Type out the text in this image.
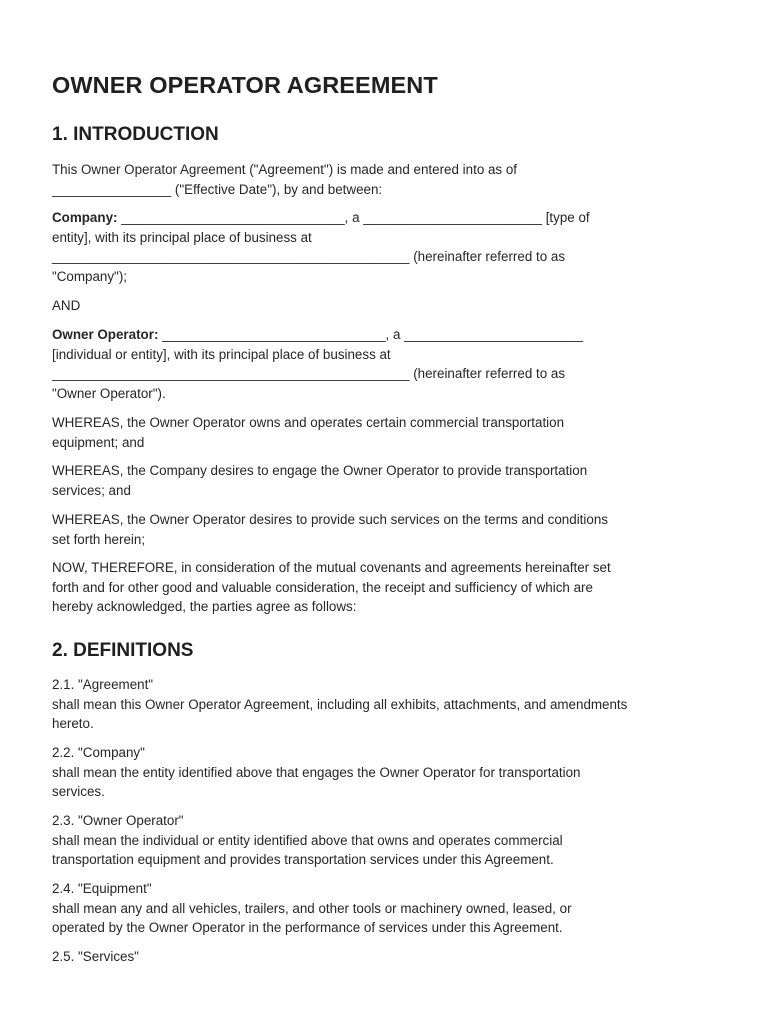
OWNER OPERATOR AGREEMENT
1. INTRODUCTION

This Owner Operator Agreement ("Agreement") is made and entered into as of
________________ ("Effective Date"), by and between:

Company: ______________________________, a ________________________ [type of
entity], with its principal place of business at
________________________________________________ (hereinafter referred to as
"Company");

AND

Owner Operator: ______________________________, a ________________________
[individual or entity], with its principal place of business at
________________________________________________ (hereinafter referred to as
"Owner Operator").

WHEREAS, the Owner Operator owns and operates certain commercial transportation
equipment; and

WHEREAS, the Company desires to engage the Owner Operator to provide transportation
services; and

WHEREAS, the Owner Operator desires to provide such services on the terms and conditions
set forth herein;

NOW, THEREFORE, in consideration of the mutual covenants and agreements hereinafter set
forth and for other good and valuable consideration, the receipt and sufficiency of which are
hereby acknowledged, the parties agree as follows:

2. DEFINITIONS

2.1. "Agreement"
shall mean this Owner Operator Agreement, including all exhibits, attachments, and amendments
hereto.

2.2. "Company"
shall mean the entity identified above that engages the Owner Operator for transportation
services.

2.3. "Owner Operator"
shall mean the individual or entity identified above that owns and operates commercial
transportation equipment and provides transportation services under this Agreement.

2.4. "Equipment"
shall mean any and all vehicles, trailers, and other tools or machinery owned, leased, or
operated by the Owner Operator in the performance of services under this Agreement.

2.5. "Services"
